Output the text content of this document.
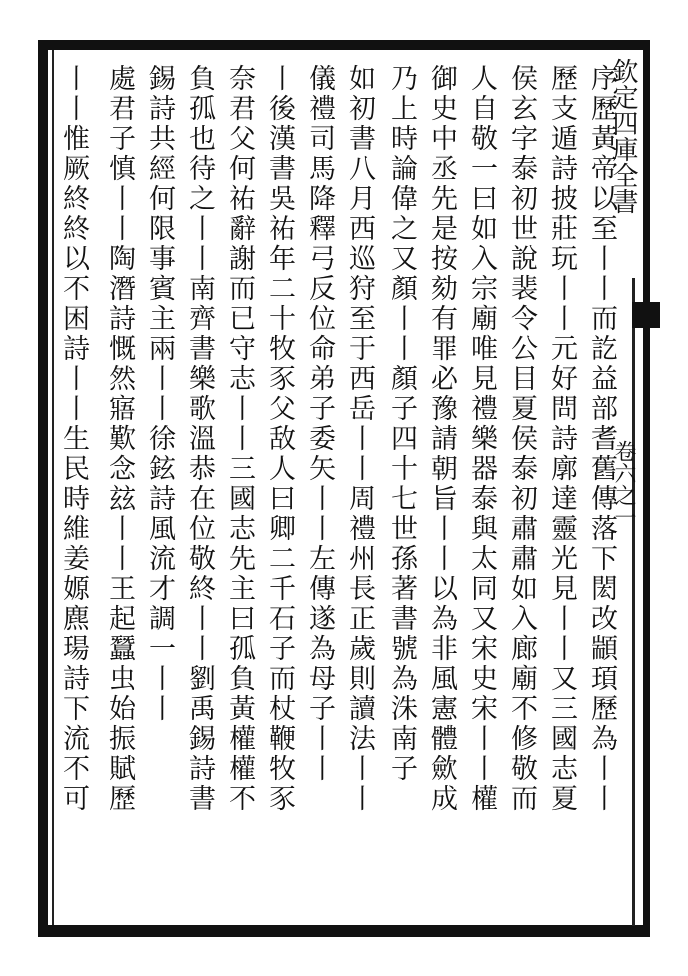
欽定四庫全書
卷六之一
序歷黃帝以至丨丨而訖益部耆舊傳落下閎改顓頊歷為丨丨
歷支遁詩披莊玩丨丨元好問詩廓達靈光見丨丨又三國志夏
侯玄字泰初世說裴令公目夏侯泰初肅肅如入廊廟不修敬而
人自敬一曰如入宗廟唯見禮樂器泰與太同又宋史宋丨丨權
御史中丞先是按劾有罪必豫請朝旨丨丨以為非風憲體歛成
乃上時論偉之又顏丨丨顏子四十七世孫著書號為洙南子
如初書八月西巡狩至于西岳丨丨周禮州長正歲則讀法丨丨
儀禮司馬降釋弓反位命弟子委矢丨丨左傳遂為母子丨丨
丨後漢書吳祐年二十牧豕父敌人曰卿二千石子而杖鞭牧豕
奈君父何祐辭謝而已守志丨丨三國志先主曰孤負黃權權不
負孤也待之丨丨南齊書樂歌溫恭在位敬終丨丨劉禹錫詩書
錫詩共經何限事賓主兩丨丨徐鉉詩風流才調一丨丨
處君子慎丨丨陶潛詩慨然寤歎念玆丨丨王起蠶虫始振賦歷
丨丨惟厥終終以不困詩丨丨生民時維姜嫄麃瑒詩下流不可
